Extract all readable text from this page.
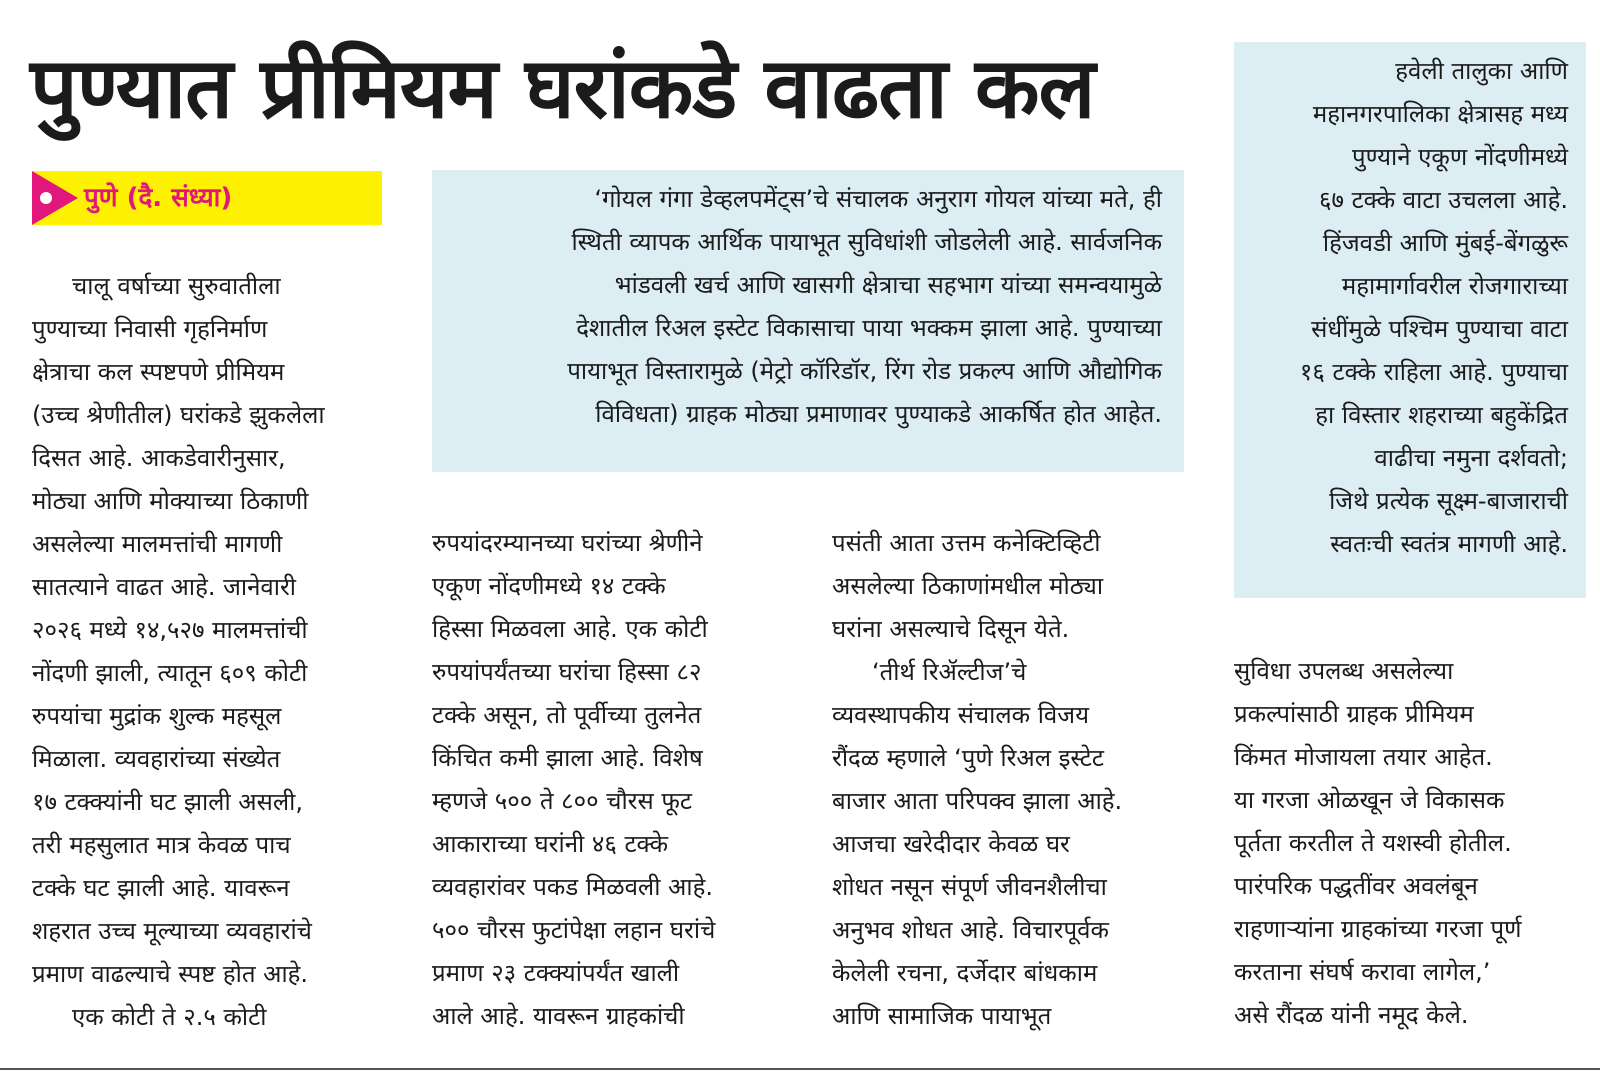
पुण्यात प्रीमियम घरांकडे वाढता कल
पुणे (दै. संध्या)	‘गोयल गंगा डेव्हलपमेंट्स’चे संचालक अनुराग गोयल यांच्या मते, ही
स्थिती व्यापक आर्थिक पायाभूत सुविधांशी जोडलेली आहे. सार्वजनिक
भांडवली खर्च आणि खासगी क्षेत्राचा सहभाग यांच्या समन्वयामुळे
देशातील रिअल इस्टेट विकासाचा पाया भक्कम झाला आहे. पुण्याच्या
पायाभूत विस्तारामुळे (मेट्रो कॉरिडॉर, रिंग रोड प्रकल्प आणि औद्योगिक
विविधता) ग्राहक मोठ्या प्रमाणावर पुण्याकडे आकर्षित होत आहेत.
हवेली तालुका आणि
महानगरपालिका क्षेत्रासह मध्य
पुण्याने एकूण नोंदणीमध्ये
६७ टक्के वाटा उचलला आहे.
हिंजवडी आणि मुंबई-बेंगळुरू
महामार्गावरील रोजगाराच्या
संधींमुळे पश्चिम पुण्याचा वाटा
१६ टक्के राहिला आहे. पुण्याचा
हा विस्तार शहराच्या बहुकेंद्रित
वाढीचा नमुना दर्शवतो;
जिथे प्रत्येक सूक्ष्म-बाजाराची
स्वतःची स्वतंत्र मागणी आहे.
चालू वर्षाच्या सुरुवातीला
पुण्याच्या निवासी गृहनिर्माण
क्षेत्राचा कल स्पष्टपणे प्रीमियम
(उच्च श्रेणीतील) घरांकडे झुकलेला
दिसत आहे. आकडेवारीनुसार,
मोठ्या आणि मोक्याच्या ठिकाणी
असलेल्या मालमत्तांची मागणी
सातत्याने वाढत आहे. जानेवारी
२०२६ मध्ये १४,५२७ मालमत्तांची
नोंदणी झाली, त्यातून ६०९ कोटी
रुपयांचा मुद्रांक शुल्क महसूल
मिळाला. व्यवहारांच्या संख्येत
१७ टक्क्यांनी घट झाली असली,
तरी महसुलात मात्र केवळ पाच
टक्के घट झाली आहे. यावरून
शहरात उच्च मूल्याच्या व्यवहारांचे
प्रमाण वाढल्याचे स्पष्ट होत आहे.
एक कोटी ते २.५ कोटी
रुपयांदरम्यानच्या घरांच्या श्रेणीने
एकूण नोंदणीमध्ये १४ टक्के
हिस्सा मिळवला आहे. एक कोटी
रुपयांपर्यंतच्या घरांचा हिस्सा ८२
टक्के असून, तो पूर्वीच्या तुलनेत
किंचित कमी झाला आहे. विशेष
म्हणजे ५०० ते ८०० चौरस फूट
आकाराच्या घरांनी ४६ टक्के
व्यवहारांवर पकड मिळवली आहे.
५०० चौरस फुटांपेक्षा लहान घरांचे
प्रमाण २३ टक्क्यांपर्यंत खाली
आले आहे. यावरून ग्राहकांची
पसंती आता उत्तम कनेक्टिव्हिटी
असलेल्या ठिकाणांमधील मोठ्या
घरांना असल्याचे दिसून येते.
‘तीर्थ रिॲल्टीज’चे
व्यवस्थापकीय संचालक विजय
रौंदळ म्हणाले ‘पुणे रिअल इस्टेट
बाजार आता परिपक्व झाला आहे.
आजचा खरेदीदार केवळ घर
शोधत नसून संपूर्ण जीवनशैलीचा
अनुभव शोधत आहे. विचारपूर्वक
केलेली रचना, दर्जेदार बांधकाम
आणि सामाजिक पायाभूत
सुविधा उपलब्ध असलेल्या
प्रकल्पांसाठी ग्राहक प्रीमियम
किंमत मोजायला तयार आहेत.
या गरजा ओळखून जे विकासक
पूर्तता करतील ते यशस्वी होतील.
पारंपरिक पद्धतींवर अवलंबून
राहणाऱ्यांना ग्राहकांच्या गरजा पूर्ण
करताना संघर्ष करावा लागेल,’
असे रौंदळ यांनी नमूद केले.
